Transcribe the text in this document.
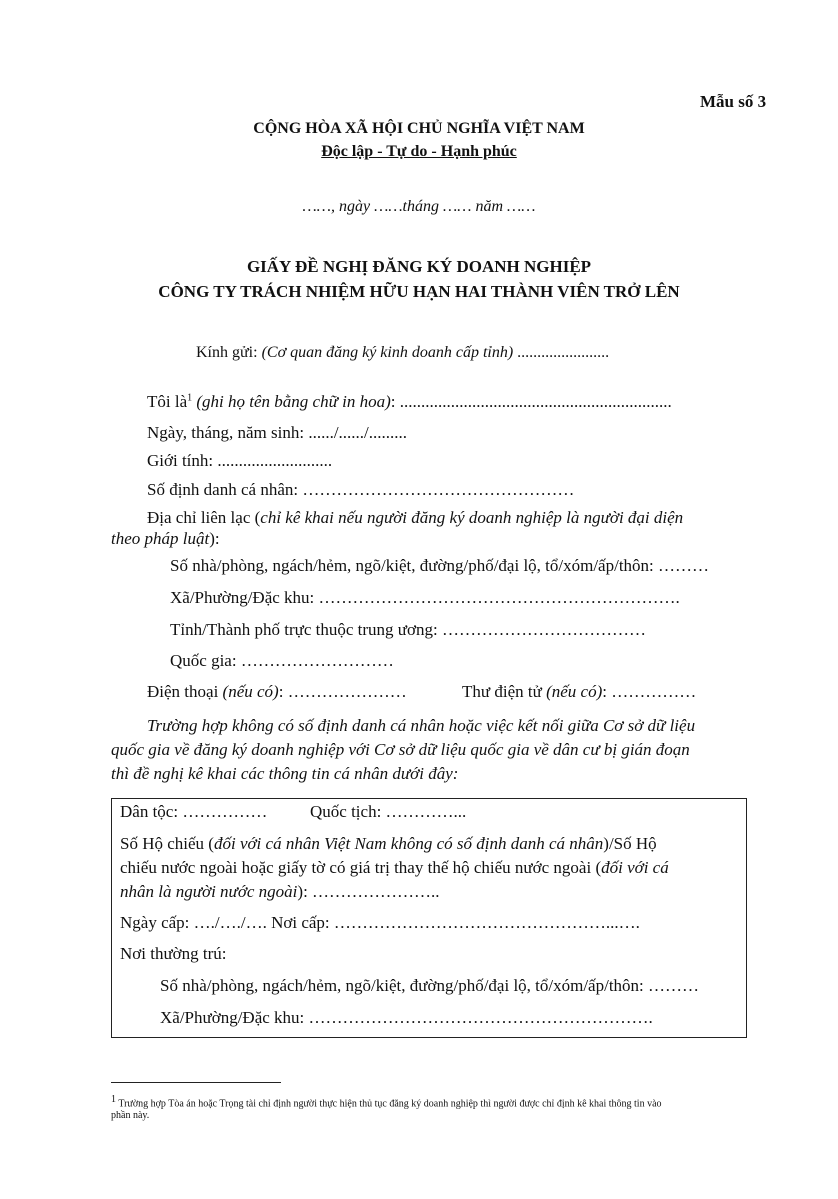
Mẫu số 3
CỘNG HÒA XÃ HỘI CHỦ NGHĨA VIỆT NAM
Độc lập - Tự do - Hạnh phúc
……, ngày ……tháng …… năm ……
GIẤY ĐỀ NGHỊ ĐĂNG KÝ DOANH NGHIỆP
CÔNG TY TRÁCH NHIỆM HỮU HẠN HAI THÀNH VIÊN TRỞ LÊN
Kính gửi: (Cơ quan đăng ký kinh doanh cấp tỉnh) .......................
Tôi $là^1$ (ghi họ tên bằng chữ in hoa): ................................................................
Ngày, tháng, năm sinh: ....../....../.........
Giới tính: ...........................
Số định danh cá nhân: …………………………………………
Địa chỉ liên lạc (chỉ kê khai nếu người đăng ký doanh nghiệp là người đại diện
theo pháp luật):
Số nhà/phòng, ngách/hẻm, ngõ/kiệt, đường/phố/đại lộ, tổ/xóm/ấp/thôn: ………
Xã/Phường/Đặc khu: ……………………………………………………….
Tỉnh/Thành phố trực thuộc trung ương: ………………………………
Quốc gia: ………………………
Điện thoại (nếu có): …………………	Thư điện tử (nếu có): ……………
Trường hợp không có số định danh cá nhân hoặc việc kết nối giữa Cơ sở dữ liệu
quốc gia về đăng ký doanh nghiệp với Cơ sở dữ liệu quốc gia về dân cư bị gián đoạn
thì đề nghị kê khai các thông tin cá nhân dưới đây:
Dân tộc: ……………	Quốc tịch: …………...
Số Hộ chiếu (đối với cá nhân Việt Nam không có số định danh cá nhân)/Số Hộ
chiếu nước ngoài hoặc giấy tờ có giá trị thay thế hộ chiếu nước ngoài (đối với cá
nhân là người nước ngoài): …………………..
Ngày cấp: …./…./…. Nơi cấp: …………………………………………...….
Nơi thường trú:
Số nhà/phòng, ngách/hẻm, ngõ/kiệt, đường/phố/đại lộ, tổ/xóm/ấp/thôn: ………
Xã/Phường/Đặc khu: …………………………………………………….
$^1$ Trường hợp Tòa án hoặc Trọng tài chỉ định người thực hiện thủ tục đăng ký doanh nghiệp thì người được chỉ định kê khai thông tin vào
phần này.
